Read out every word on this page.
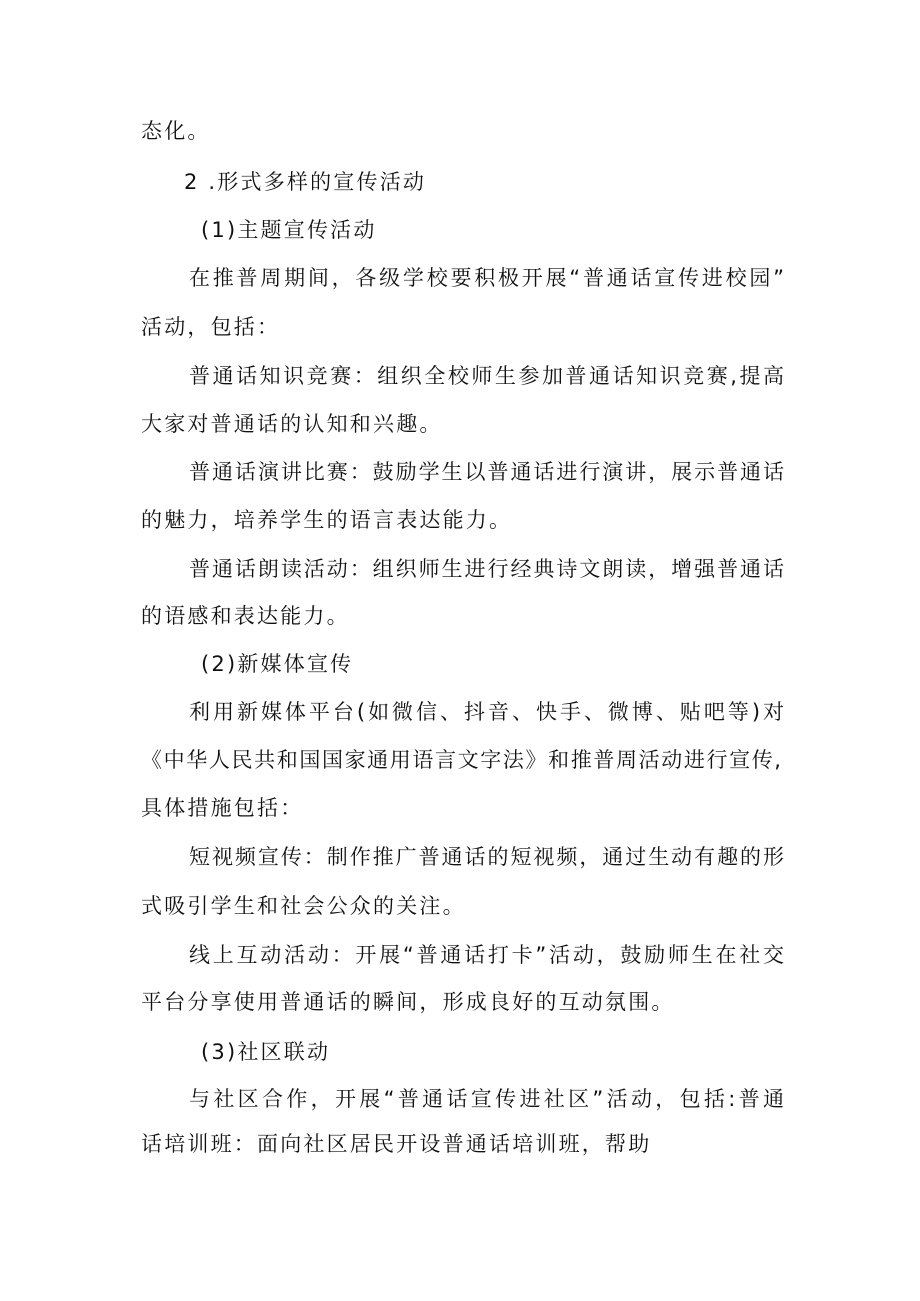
态化。
2 .形式多样的宣传活动
(1)主题宣传活动
在推普周期间，各级学校要积极开展“普通话宣传进校园”
活动，包括：
普通话知识竞赛：组织全校师生参加普通话知识竞赛,提高
大家对普通话的认知和兴趣。
普通话演讲比赛：鼓励学生以普通话进行演讲，展示普通话
的魅力，培养学生的语言表达能力。
普通话朗读活动：组织师生进行经典诗文朗读，增强普通话
的语感和表达能力。
(2)新媒体宣传
利用新媒体平台(如微信、抖音、快手、微博、贴吧等)对
《中华人民共和国国家通用语言文字法》和推普周活动进行宣传,
具体措施包括：
短视频宣传：制作推广普通话的短视频，通过生动有趣的形
式吸引学生和社会公众的关注。
线上互动活动：开展“普通话打卡”活动，鼓励师生在社交
平台分享使用普通话的瞬间，形成良好的互动氛围。
(3)社区联动
与社区合作，开展“普通话宣传进社区”活动，包括:普通
话培训班：面向社区居民开设普通话培训班，帮助
